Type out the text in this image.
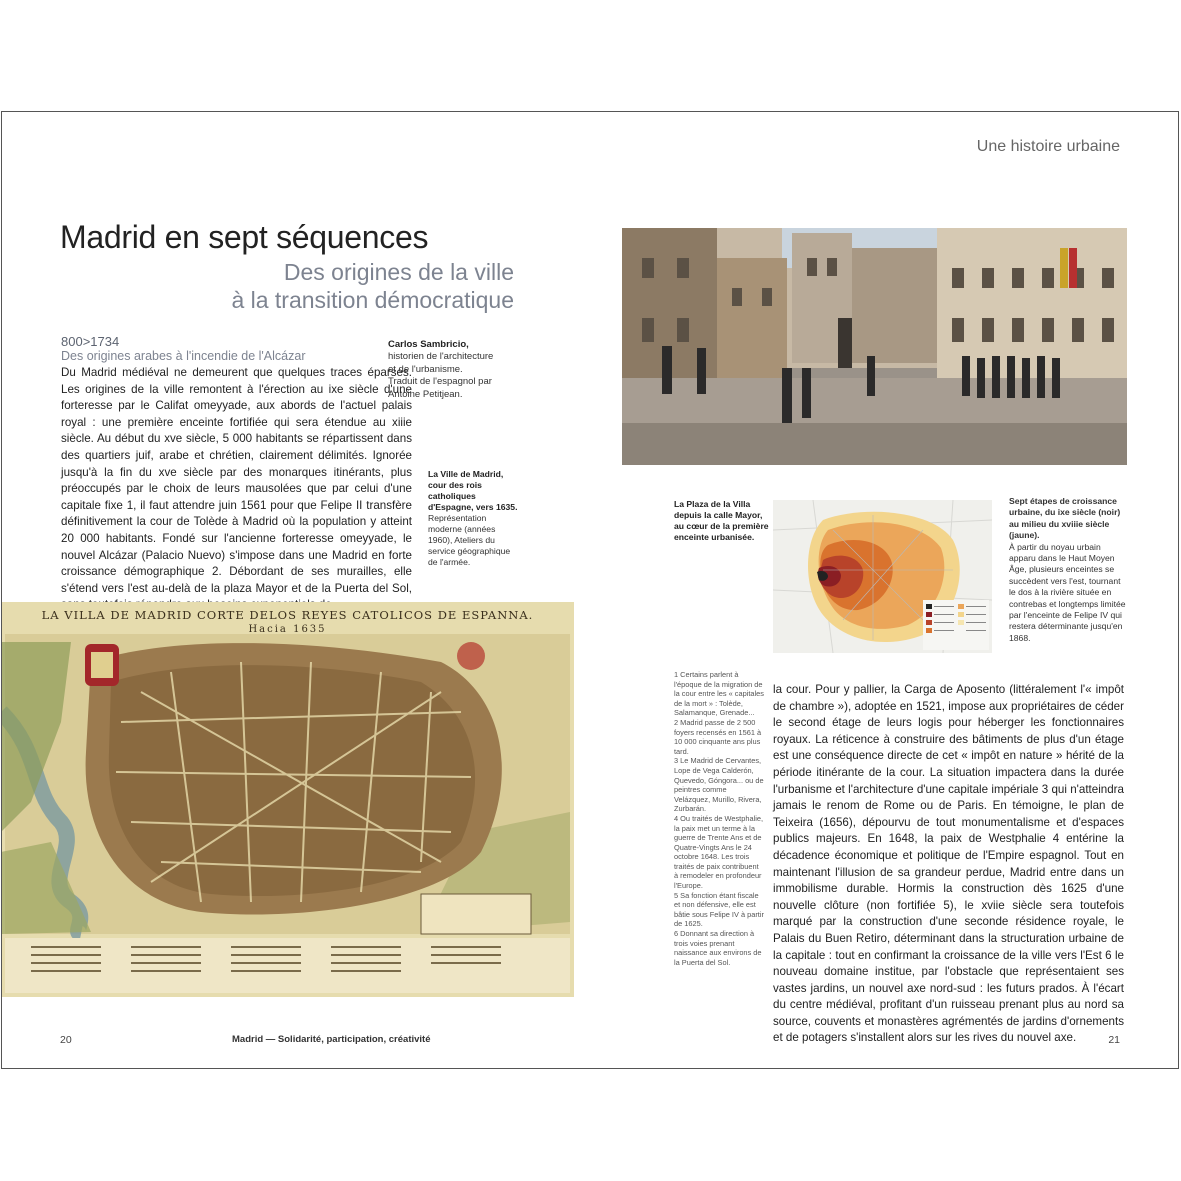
Une histoire urbaine
Madrid en sept séquences
Des origines de la ville
à la transition démocratique
800>1734
Des origines arabes à l'incendie de l'Alcázar
Du Madrid médiéval ne demeurent que quelques traces éparses. Les origines de la ville remontent à l'érection au ixe siècle d'une forteresse par le Califat omeyyade, aux abords de l'actuel palais royal : une première enceinte fortifiée qui sera étendue au xiiie siècle. Au début du xve siècle, 5 000 habitants se répartissent dans des quartiers juif, arabe et chrétien, clairement délimités. Ignorée jusqu'à la fin du xve siècle par des monarques itinérants, plus préoccupés par le choix de leurs mausolées que par celui d'une capitale fixe 1, il faut attendre juin 1561 pour que Felipe II transfère définitivement la cour de Tolède à Madrid où la population y atteint 20 000 habitants. Fondé sur l'ancienne forteresse omeyyade, le nouvel Alcázar (Palacio Nuevo) s'impose dans une Madrid en forte croissance démographique 2. Débordant de ses murailles, elle s'étend vers l'est au-delà de la plaza Mayor et de la Puerta del Sol,
Carlos Sambricio,
historien de l'architecture et de l'urbanisme.
Traduit de l'espagnol par Antoine Petitjean.
La Ville de Madrid, cour des rois catholiques d'Espagne, vers 1635.
Représentation moderne (années 1960), Ateliers du service géographique de l'armée.
LA VILLA DE MADRID CORTE DELOS REYES CATOLICOS DE ESPANNA.
Hacia 1635
La Plaza de la Villa depuis la calle Mayor, au cœur de la première enceinte urbanisée.
Sept étapes de croissance urbaine, du ixe siècle (noir) au milieu du xviiie siècle (jaune).
À partir du noyau urbain apparu dans le Haut Moyen Âge, plusieurs enceintes se succèdent vers l'est, tournant le dos à la rivière située en contrebas et longtemps limitée par l'enceinte de Felipe IV qui restera déterminante jusqu'en 1868.

1 Certains parlent à l'époque de la migration de la cour entre les « capitales de la mort » : Tolède, Salamanque, Grenade...

2 Madrid passe de 2 500 foyers recensés en 1561 à 10 000 cinquante ans plus tard.

3 Le Madrid de Cervantes, Lope de Vega Calderón, Quevedo, Góngora... ou de peintres comme Velázquez, Murillo, Rivera, Zurbarán.

4 Ou traités de Westphalie, la paix met un terme à la guerre de Trente Ans et de Quatre-Vingts Ans le 24 octobre 1648. Les trois traités de paix contribuent à remodeler en profondeur l'Europe.

5 Sa fonction étant fiscale et non défensive, elle est bâtie sous Felipe IV à partir de 1625.

6 Donnant sa direction à trois voies prenant naissance aux environs de la Puerta del Sol.

la cour. Pour y pallier, la Carga de Aposento (littéralement l'« impôt de chambre »), adoptée en 1521, impose aux propriétaires de céder le second étage de leurs logis pour héberger les fonctionnaires royaux. La réticence à construire des bâtiments de plus d'un étage est une conséquence directe de cet « impôt en nature » hérité de la période itinérante de la cour. La situation impactera dans la durée l'urbanisme et l'architecture d'une capitale impériale 3 qui n'atteindra jamais le renom de Rome ou de Paris. En témoigne, le plan de Teixeira (1656), dépourvu de tout monumentalisme et d'espaces publics majeurs. En 1648, la paix de Westphalie 4 entérine la décadence économique et politique de l'Empire espagnol. Tout en maintenant l'illusion de sa grandeur perdue, Madrid entre dans un immobilisme durable. Hormis la construction dès 1625 d'une nouvelle clôture (non fortifiée 5), le xviie siècle sera toutefois marqué par la construction d'une seconde résidence royale, le Palais du Buen Retiro, déterminant dans la structuration urbaine de la capitale : tout en confirmant la croissance de la ville vers l'Est 6 le nouveau domaine institue, par l'obstacle que représentaient ses vastes jardins, un nouvel axe nord-sud : les futurs prados. À l'écart du centre médiéval, profitant d'un ruisseau prenant plus au nord sa source, couvents et monastères agrémentés de jardins d'ornements et de potagers s'installent alors sur les rives du nouvel axe.
20	Madrid — Solidarité, participation, créativité	21
